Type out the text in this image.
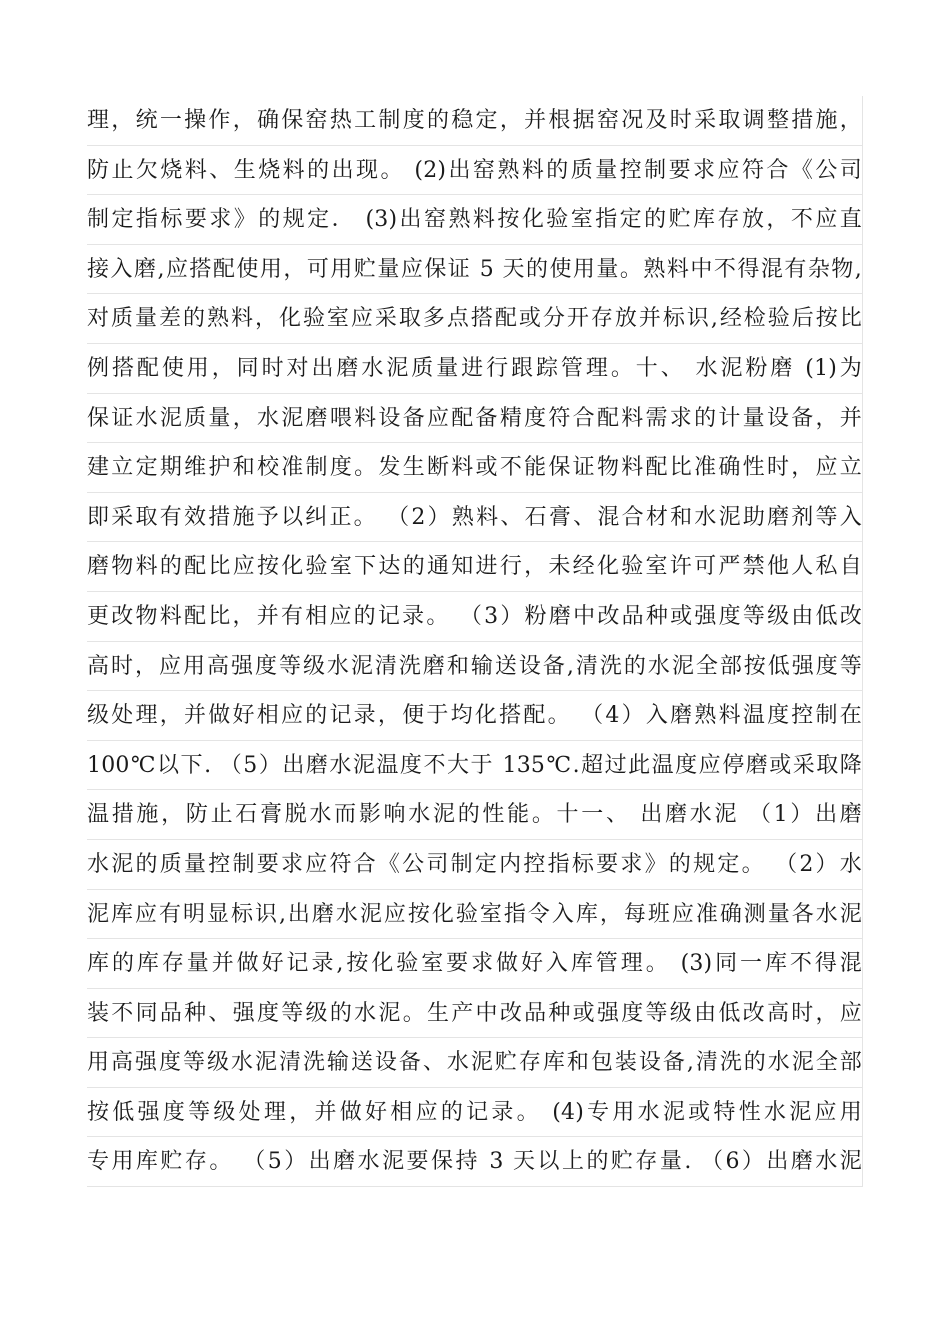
理，统一操作，确保窑热工制度的稳定，并根据窑况及时采取调整措施，
防止欠烧料、生烧料的出现。 (2)出窑熟料的质量控制要求应符合《公司
制定指标要求》的规定． (3)出窑熟料按化验室指定的贮库存放，不应直
接入磨,应搭配使用，可用贮量应保证 5 天的使用量。熟料中不得混有杂物,
对质量差的熟料，化验室应采取多点搭配或分开存放并标识,经检验后按比
例搭配使用，同时对出磨水泥质量进行跟踪管理。十、 水泥粉磨 (1)为
保证水泥质量，水泥磨喂料设备应配备精度符合配料需求的计量设备，并
建立定期维护和校准制度。发生断料或不能保证物料配比准确性时，应立
即采取有效措施予以纠正。 （2）熟料、石膏、混合材和水泥助磨剂等入
磨物料的配比应按化验室下达的通知进行，未经化验室许可严禁他人私自
更改物料配比，并有相应的记录。 （3）粉磨中改品种或强度等级由低改
高时，应用高强度等级水泥清洗磨和输送设备,清洗的水泥全部按低强度等
级处理，并做好相应的记录，便于均化搭配。 （4）入磨熟料温度控制在
100℃以下. （5）出磨水泥温度不大于 135℃.超过此温度应停磨或采取降
温措施，防止石膏脱水而影响水泥的性能。十一、 出磨水泥 （1）出磨
水泥的质量控制要求应符合《公司制定内控指标要求》的规定。 （2）水
泥库应有明显标识,出磨水泥应按化验室指令入库，每班应准确测量各水泥
库的库存量并做好记录,按化验室要求做好入库管理。 (3)同一库不得混
装不同品种、强度等级的水泥。生产中改品种或强度等级由低改高时，应
用高强度等级水泥清洗输送设备、水泥贮存库和包装设备,清洗的水泥全部
按低强度等级处理，并做好相应的记录。 (4)专用水泥或特性水泥应用
专用库贮存。 （5）出磨水泥要保持 3 天以上的贮存量. （6）出磨水泥
